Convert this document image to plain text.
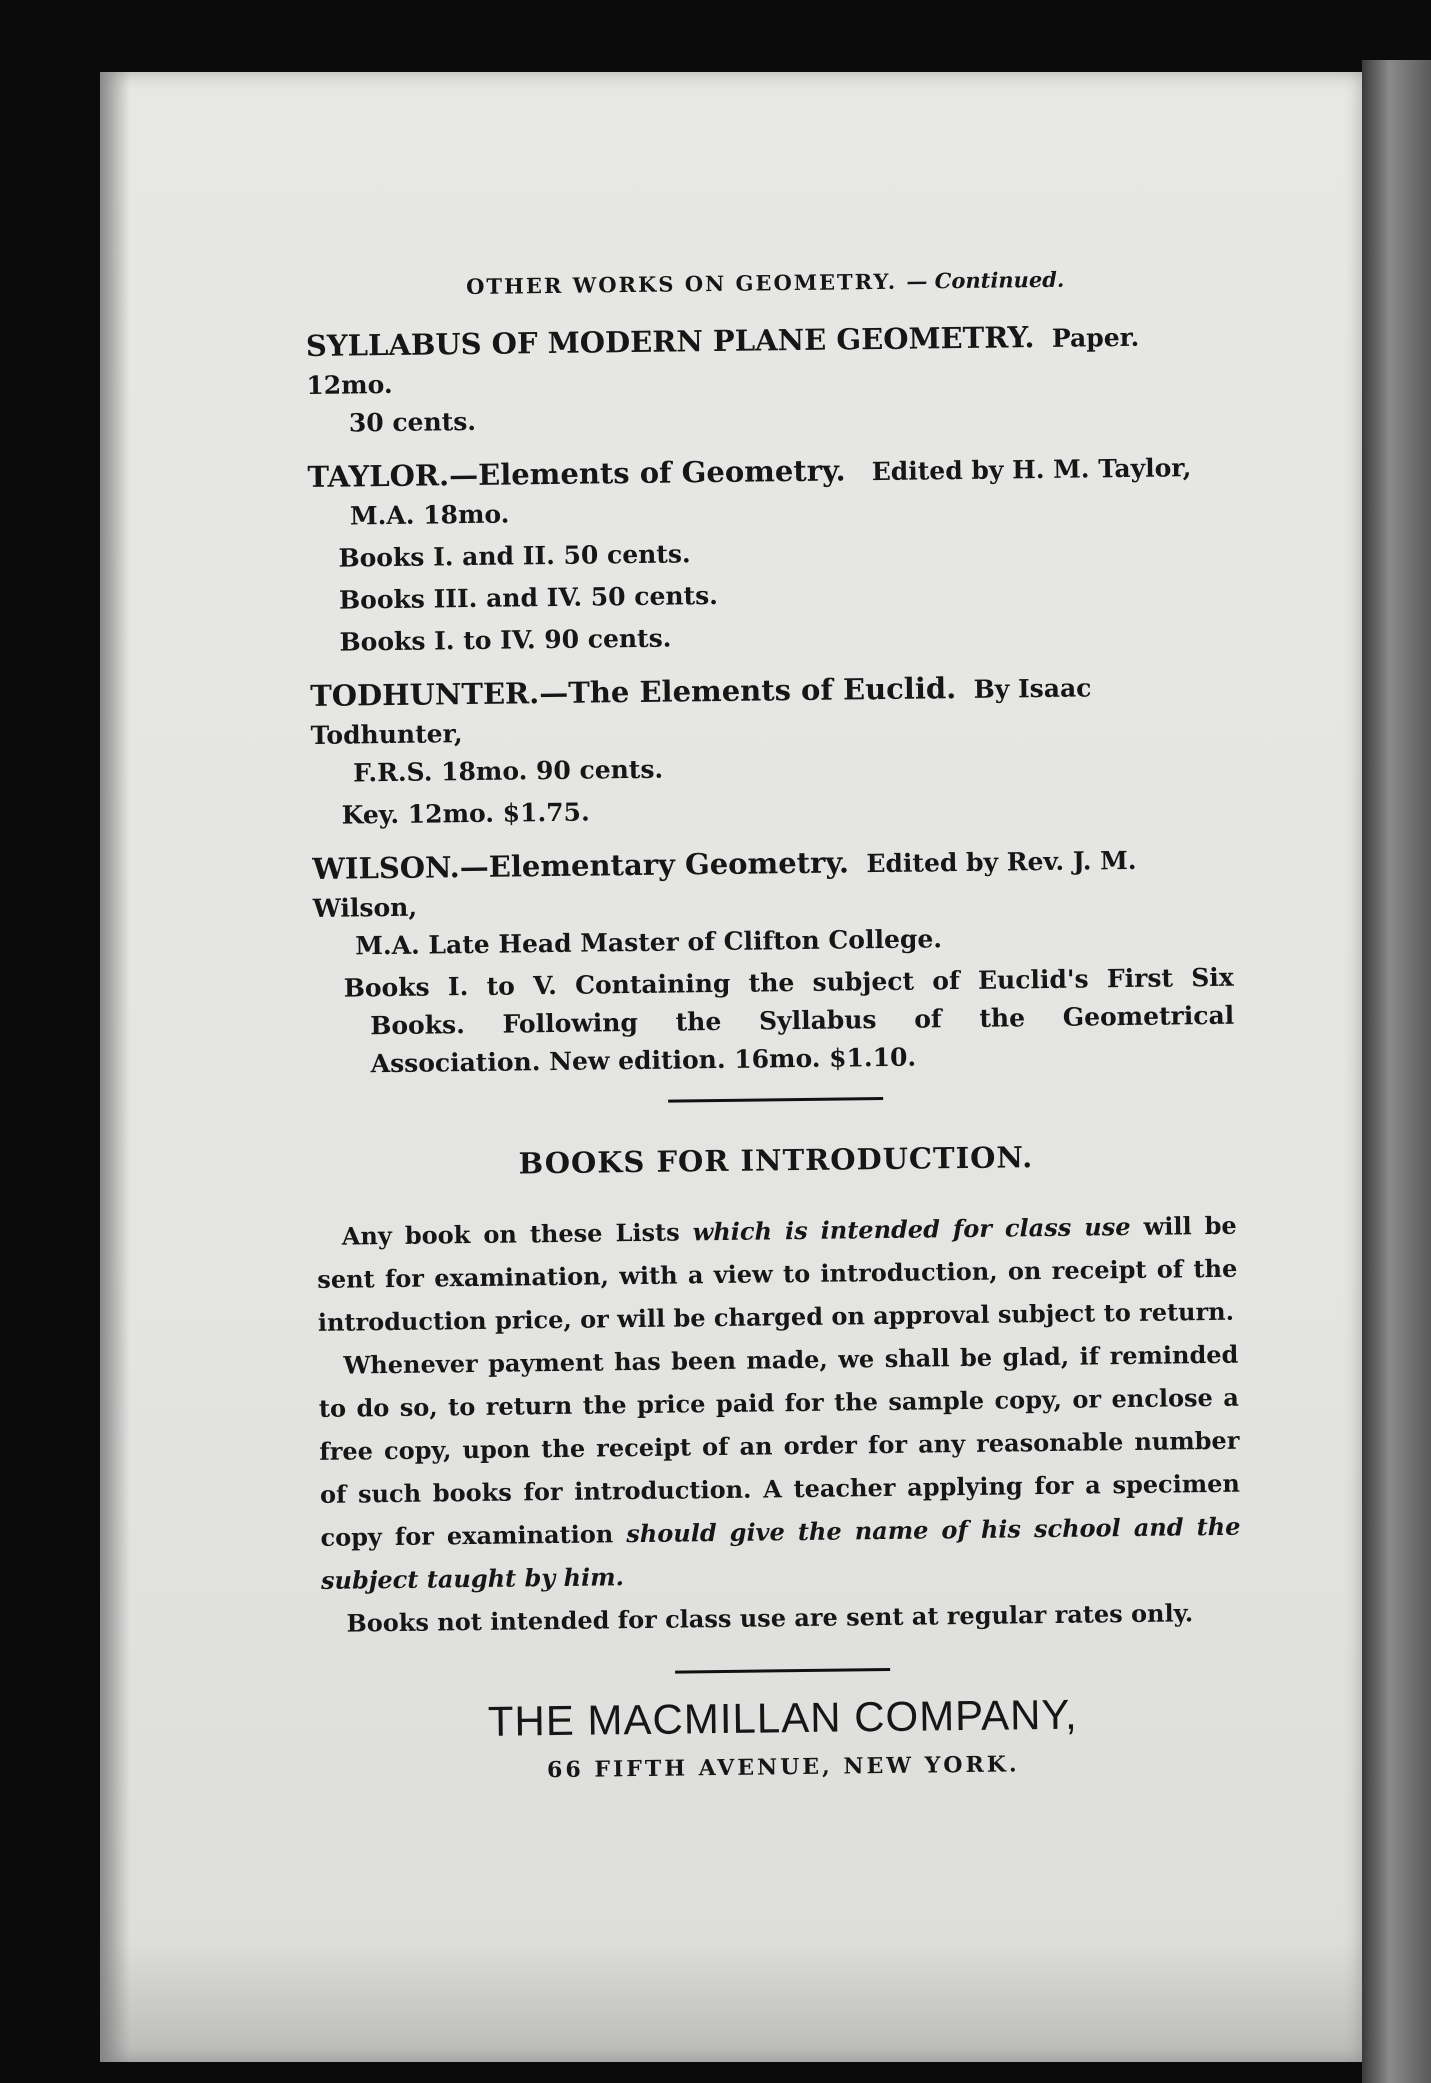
OTHER WORKS ON GEOMETRY. — Continued.
SYLLABUS OF MODERN PLANE GEOMETRY. Paper. 12mo.
30 cents.
TAYLOR.—Elements of Geometry. Edited by H. M. Taylor,
M.A. 18mo.
Books I. and II. 50 cents.
Books III. and IV. 50 cents.
Books I. to IV. 90 cents.
TODHUNTER.—The Elements of Euclid. By Isaac Todhunter,
F.R.S. 18mo. 90 cents.
Key. 12mo. $1.75.
WILSON.—Elementary Geometry. Edited by Rev. J. M. Wilson,
M.A. Late Head Master of Clifton College.
Books I. to V. Containing the subject of Euclid's First Six Books. Following the Syllabus of the Geometrical Association. New edition. 16mo. $1.10.
BOOKS FOR INTRODUCTION.

Any book on these Lists which is intended for class use will be sent for examination, with a view to introduction, on receipt of the introduction price, or will be charged on approval subject to return.

Whenever payment has been made, we shall be glad, if reminded to do so, to return the price paid for the sample copy, or enclose a free copy, upon the receipt of an order for any reasonable number of such books for introduction. A teacher applying for a specimen copy for examination should give the name of his school and the subject taught by him.

Books not intended for class use are sent at regular rates only.

THE MACMILLAN COMPANY,
66 FIFTH AVENUE, NEW YORK.
